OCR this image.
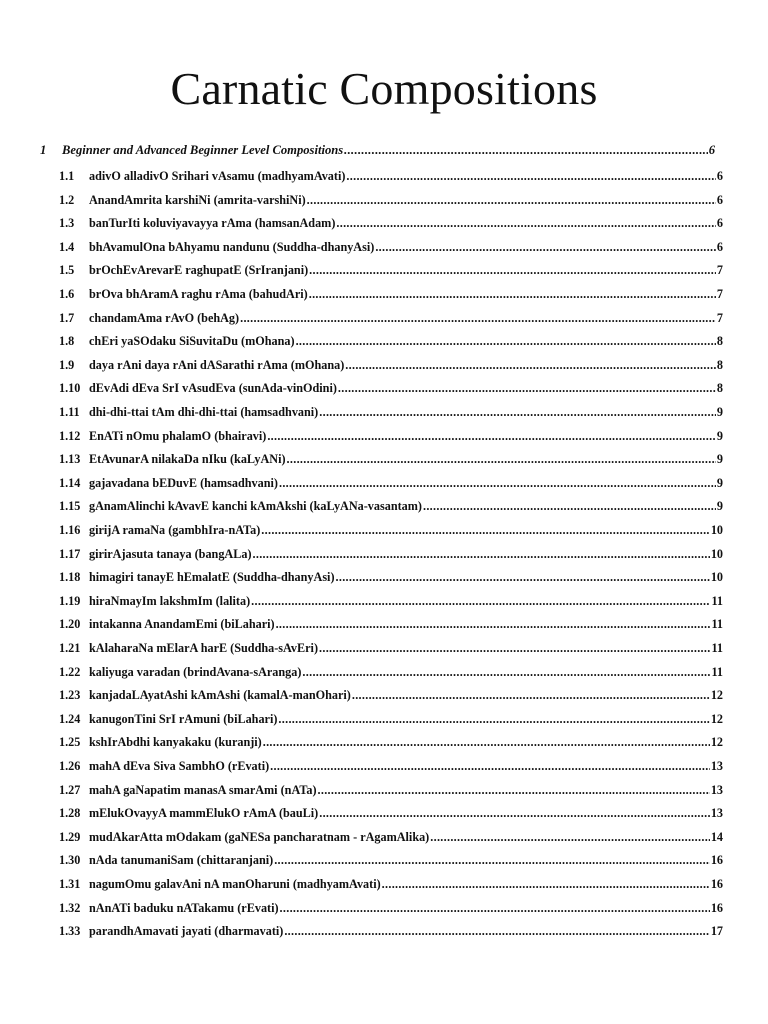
Carnatic Compositions
1	Beginner and Advanced Beginner Level Compositions .....	6
1.1	adivO alladivO Srihari vAsamu (madhyamAvati) .....	6
1.2	AnandAmrita karshiNi (amrita-varshiNi) .....	6
1.3	banTurIti koluviyavayya rAma (hamsanAdam) .....	6
1.4	bhAvamulOna bAhyamu nandunu (Suddha-dhanyAsi) .....	6
1.5	brOchEvArevarE raghupatE (SrIranjani) .....	7
1.6	brOva bhAramA raghu rAma (bahudAri) .....	7
1.7	chandamAma rAvO (behAg) .....	7
1.8	chEri yaSOdaku SiSuvitaDu (mOhana) .....	8
1.9	daya rAni daya rAni dASarathi rAma (mOhana) .....	8
1.10 dEvAdi dEva SrI vAsudEva (sunAda-vinOdini) .....	8
1.11 dhi-dhi-ttai tAm dhi-dhi-ttai (hamsadhvani) .....	9
1.12 EnATi nOmu phalamO (bhairavi) .....	9
1.13 EtAvunarA nilakaDa nIku (kaLyANi) .....	9
1.14 gajavadana bEDuvE (hamsadhvani) .....	9
1.15 gAnamAlinchi kAvavE kanchi kAmAkshi (kaLyANa-vasantam) .....	9
1.16 girijA ramaNa (gambhIra-nATa) .....	10
1.17 girirAjasuta tanaya (bangALa) .....	10
1.18 himagiri tanayE hEmalatE (Suddha-dhanyAsi) .....	10
1.19 hiraNmayIm lakshmIm (lalita) .....	11
1.20 intakanna AnandamEmi (biLahari) .....	11
1.21 kAlaharaNa mElarA harE (Suddha-sAvEri) .....	11
1.22 kaliyuga varadan (brindAvana-sAranga) .....	11
1.23 kanjadaLAyatAshi kAmAshi (kamalA-manOhari) .....	12
1.24 kanugonTini SrI rAmuni (biLahari) .....	12
1.25 kshIrAbdhi kanyakaku (kuranji) .....	12
1.26 mahA dEva Siva SambhO (rEvati) .....	13
1.27 mahA gaNapatim manasA smarAmi (nATa) .....	13
1.28 mElukOvayyA mammElukO rAmA (bauLi) .....	13
1.29 mudAkarAtta mOdakam (gaNESa pancharatnam - rAgamAlika) .....	14
1.30 nAda tanumaniSam (chittaranjani) .....	16
1.31 nagumOmu galavAni nA manOharuni (madhyamAvati) .....	16
1.32 nAnATi baduku nATakamu (rEvati) .....	16
1.33 parandhAmavati jayati (dharmavati) .....	17
